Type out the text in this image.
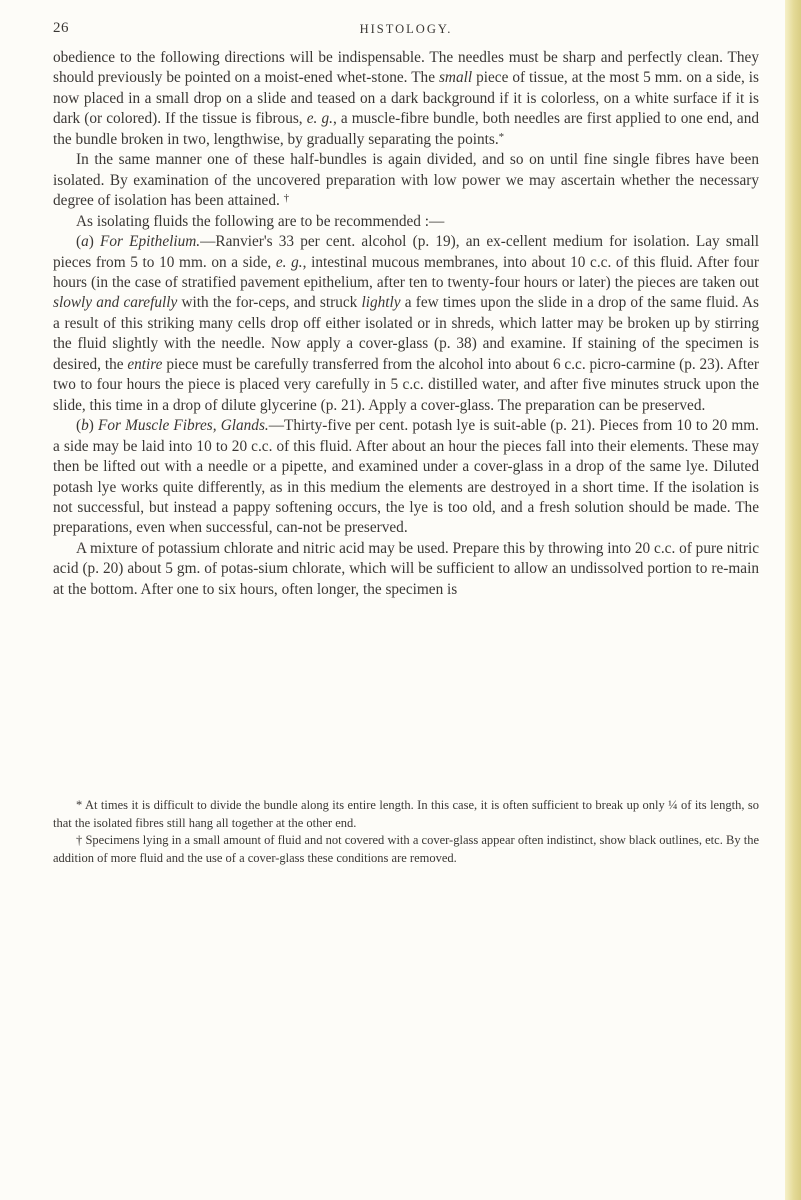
26	HISTOLOGY.

obedience to the following directions will be indispensable. The needles must be sharp and perfectly clean. They should previously be pointed on a moist-ened whet-stone. The small piece of tissue, at the most 5 mm. on a side, is now placed in a small drop on a slide and teased on a dark background if it is colorless, on a white surface if it is dark (or colored). If the tissue is fibrous, e. g., a muscle-fibre bundle, both needles are first applied to one end, and the bundle broken in two, lengthwise, by gradually separating the points.*

In the same manner one of these half-bundles is again divided, and so on until fine single fibres have been isolated. By examination of the uncovered preparation with low power we may ascertain whether the necessary degree of isolation has been attained. †

As isolating fluids the following are to be recommended :—

(a) For Epithelium.—Ranvier's 33 per cent. alcohol (p. 19), an ex-cellent medium for isolation. Lay small pieces from 5 to 10 mm. on a side, e. g., intestinal mucous membranes, into about 10 c.c. of this fluid. After four hours (in the case of stratified pavement epithelium, after ten to twenty-four hours or later) the pieces are taken out slowly and carefully with the for-ceps, and struck lightly a few times upon the slide in a drop of the same fluid. As a result of this striking many cells drop off either isolated or in shreds, which latter may be broken up by stirring the fluid slightly with the needle. Now apply a cover-glass (p. 38) and examine. If staining of the specimen is desired, the entire piece must be carefully transferred from the alcohol into about 6 c.c. picro-carmine (p. 23). After two to four hours the piece is placed very carefully in 5 c.c. distilled water, and after five minutes struck upon the slide, this time in a drop of dilute glycerine (p. 21). Apply a cover-glass. The preparation can be preserved.

(b) For Muscle Fibres, Glands.—Thirty-five per cent. potash lye is suit-able (p. 21). Pieces from 10 to 20 mm. a side may be laid into 10 to 20 c.c. of this fluid. After about an hour the pieces fall into their elements. These may then be lifted out with a needle or a pipette, and examined under a cover-glass in a drop of the same lye. Diluted potash lye works quite differently, as in this medium the elements are destroyed in a short time. If the isolation is not successful, but instead a pappy softening occurs, the lye is too old, and a fresh solution should be made. The preparations, even when successful, can-not be preserved.

A mixture of potassium chlorate and nitric acid may be used. Prepare this by throwing into 20 c.c. of pure nitric acid (p. 20) about 5 gm. of potas-sium chlorate, which will be sufficient to allow an undissolved portion to re-main at the bottom. After one to six hours, often longer, the specimen is

* At times it is difficult to divide the bundle along its entire length. In this case, it is often sufficient to break up only ¼ of its length, so that the isolated fibres still hang all together at the other end.

† Specimens lying in a small amount of fluid and not covered with a cover-glass appear often indistinct, show black outlines, etc. By the addition of more fluid and the use of a cover-glass these conditions are removed.
